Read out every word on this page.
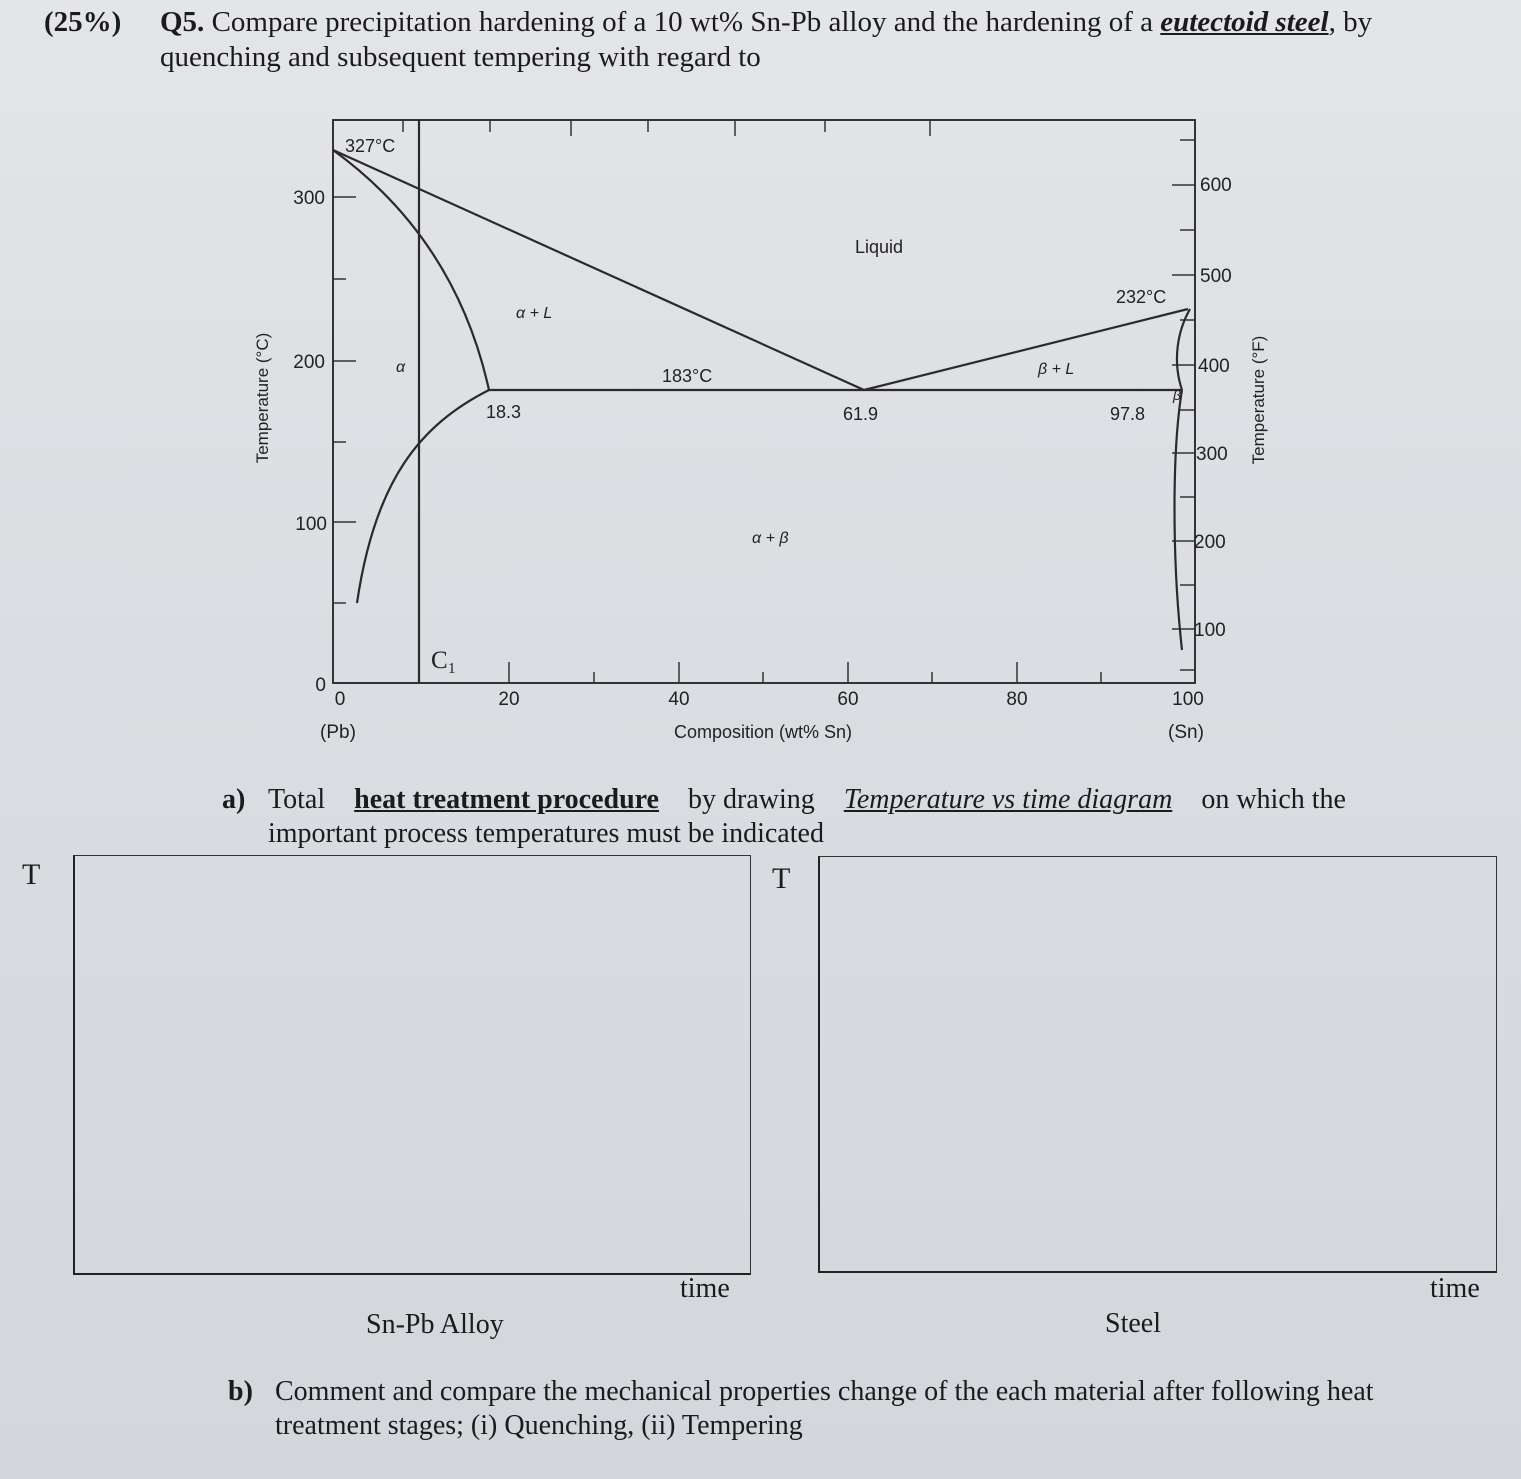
(25%) Q5. Compare precipitation hardening of a 10 wt% Sn-Pb alloy and the hardening of a eutectoid steel, by
quenching and subsequent tempering with regard to
300
200
100
0
0	20	40	60	80	100
(Pb)	(Sn)
Composition (wt% Sn)
600
500
400
300
200
100
Temperature (°C)	Temperature (°F)
327°C
232°C
183°C
18.3	61.9	97.8
Liquid
α + L
β + L
α + β
α
β
C₁
a) Total heat treatment procedure by drawing Temperature vs time diagram on which the
important process temperatures must be indicated
T
time
Sn-Pb Alloy
T
time
Steel
b) Comment and compare the mechanical properties change of the each material after following heat
treatment stages; (i) Quenching, (ii) Tempering
